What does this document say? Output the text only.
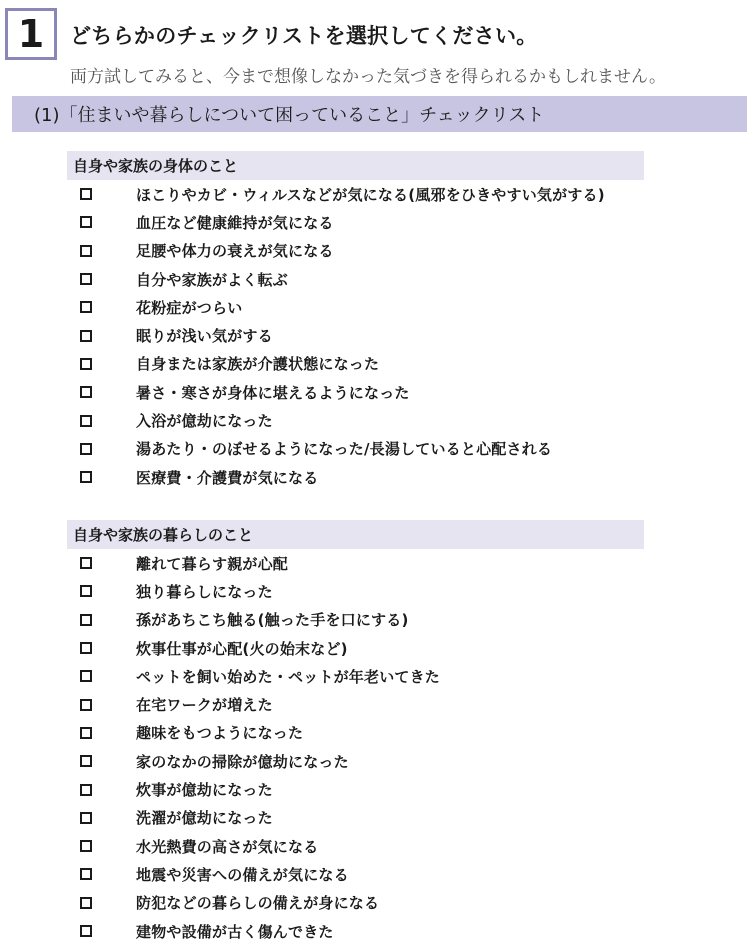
1 どちらかのチェックリストを選択してください。
両方試してみると、今まで想像しなかった気づきを得られるかもしれません。
(1)「住まいや暮らしについて困っていること」チェックリスト
自身や家族の身体のこと
ほこりやカビ・ウィルスなどが気になる(風邪をひきやすい気がする)
血圧など健康維持が気になる
足腰や体力の衰えが気になる
自分や家族がよく転ぶ
花粉症がつらい
眠りが浅い気がする
自身または家族が介護状態になった
暑さ・寒さが身体に堪えるようになった
入浴が億劫になった
湯あたり・のぼせるようになった/長湯していると心配される
医療費・介護費が気になる
自身や家族の暮らしのこと
離れて暮らす親が心配
独り暮らしになった
孫があちこち触る(触った手を口にする)
炊事仕事が心配(火の始末など)
ペットを飼い始めた・ペットが年老いてきた
在宅ワークが増えた
趣味をもつようになった
家のなかの掃除が億劫になった
炊事が億劫になった
洗濯が億劫になった
水光熱費の高さが気になる
地震や災害への備えが気になる
防犯などの暮らしの備えが身になる
建物や設備が古く傷んできた
